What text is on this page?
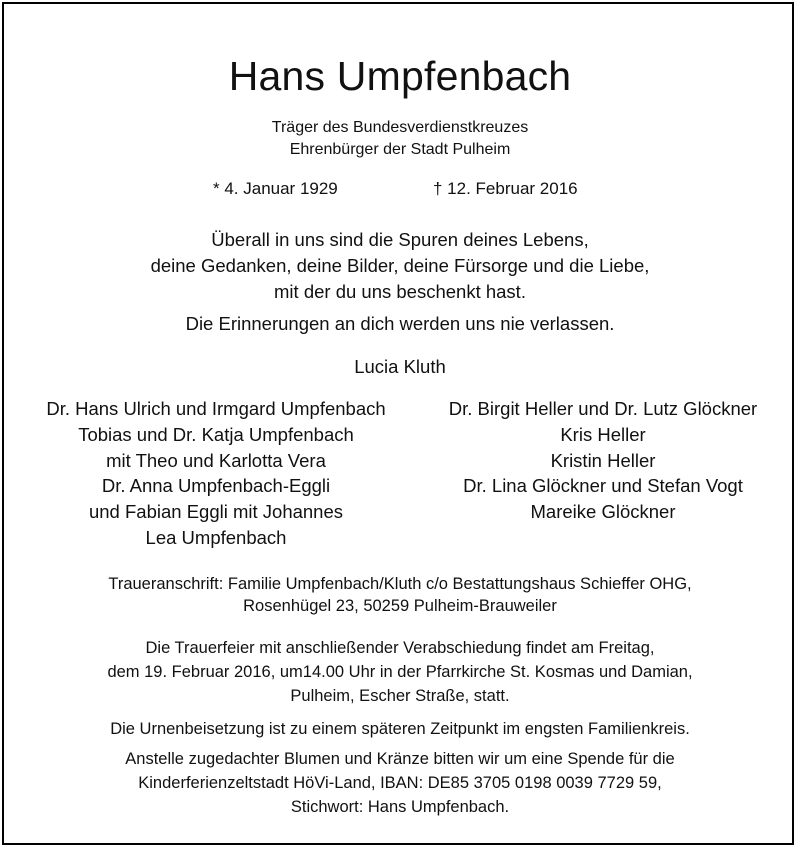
Hans Umpfenbach
Träger des Bundesverdienstkreuzes
Ehrenbürger der Stadt Pulheim
* 4. Januar 1929	† 12. Februar 2016
Überall in uns sind die Spuren deines Lebens,
deine Gedanken, deine Bilder, deine Fürsorge und die Liebe,
mit der du uns beschenkt hast.
Die Erinnerungen an dich werden uns nie verlassen.
Lucia Kluth
Dr. Hans Ulrich und Irmgard Umpfenbach
Tobias und Dr. Katja Umpfenbach
mit Theo und Karlotta Vera
Dr. Anna Umpfenbach-Eggli
und Fabian Eggli mit Johannes
Lea Umpfenbach
Dr. Birgit Heller und Dr. Lutz Glöckner
Kris Heller
Kristin Heller
Dr. Lina Glöckner und Stefan Vogt
Mareike Glöckner
Traueranschrift: Familie Umpfenbach/Kluth c/o Bestattungshaus Schieffer OHG,
Rosenhügel 23, 50259 Pulheim-Brauweiler
Die Trauerfeier mit anschließender Verabschiedung findet am Freitag,
dem 19. Februar 2016, um14.00 Uhr in der Pfarrkirche St. Kosmas und Damian,
Pulheim, Escher Straße, statt.
Die Urnenbeisetzung ist zu einem späteren Zeitpunkt im engsten Familienkreis.
Anstelle zugedachter Blumen und Kränze bitten wir um eine Spende für die
Kinderferienzeltstadt HöVi-Land, IBAN: DE85 3705 0198 0039 7729 59,
Stichwort: Hans Umpfenbach.
